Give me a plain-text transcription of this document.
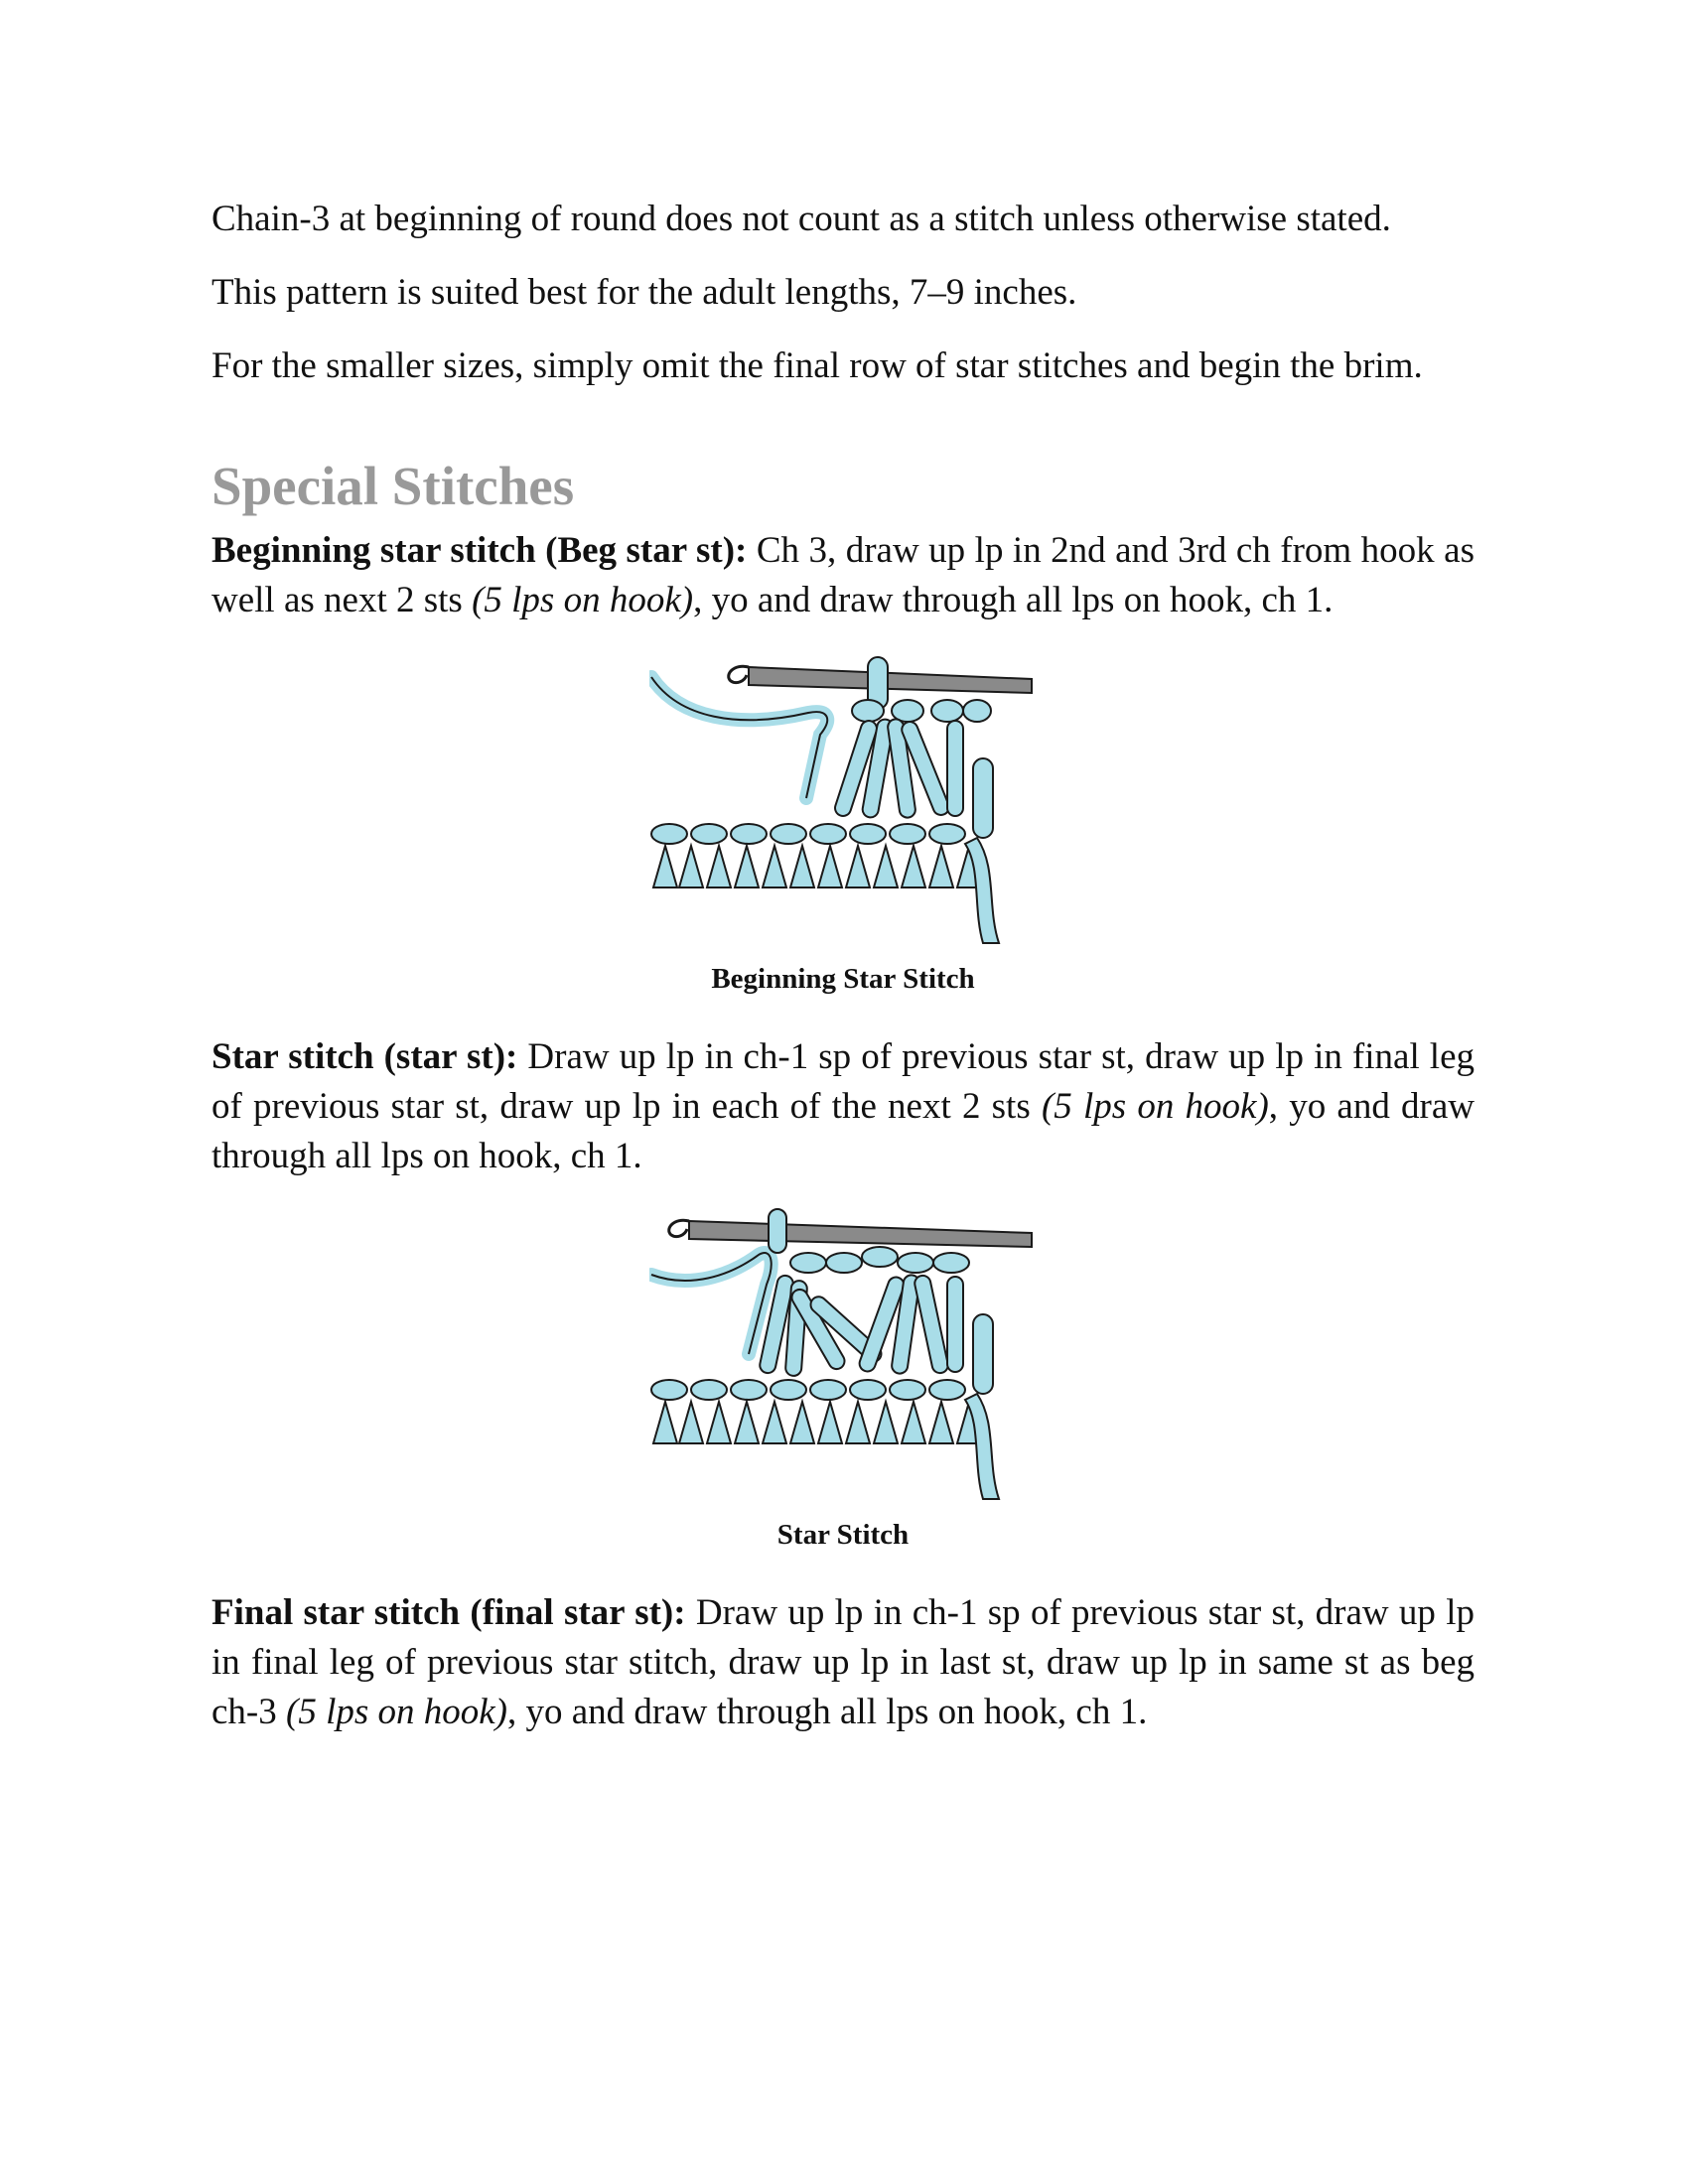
Chain-3 at beginning of round does not count as a stitch unless otherwise stated.

This pattern is suited best for the adult lengths, 7–9 inches.

For the smaller sizes, simply omit the final row of star stitches and begin the brim.

Special Stitches

Beginning star stitch (Beg star st): Ch 3, draw up lp in 2nd and 3rd ch from hook as well as next 2 sts (5 lps on hook), yo and draw through all lps on hook, ch 1.

Beginning Star Stitch

Star stitch (star st): Draw up lp in ch-1 sp of previous star st, draw up lp in final leg of previous star st, draw up lp in each of the next 2 sts (5 lps on hook), yo and draw through all lps on hook, ch 1.

Star Stitch

Final star stitch (final star st): Draw up lp in ch-1 sp of previous star st, draw up lp in final leg of previous star stitch, draw up lp in last st, draw up lp in same st as beg ch-3 (5 lps on hook), yo and draw through all lps on hook, ch 1.
